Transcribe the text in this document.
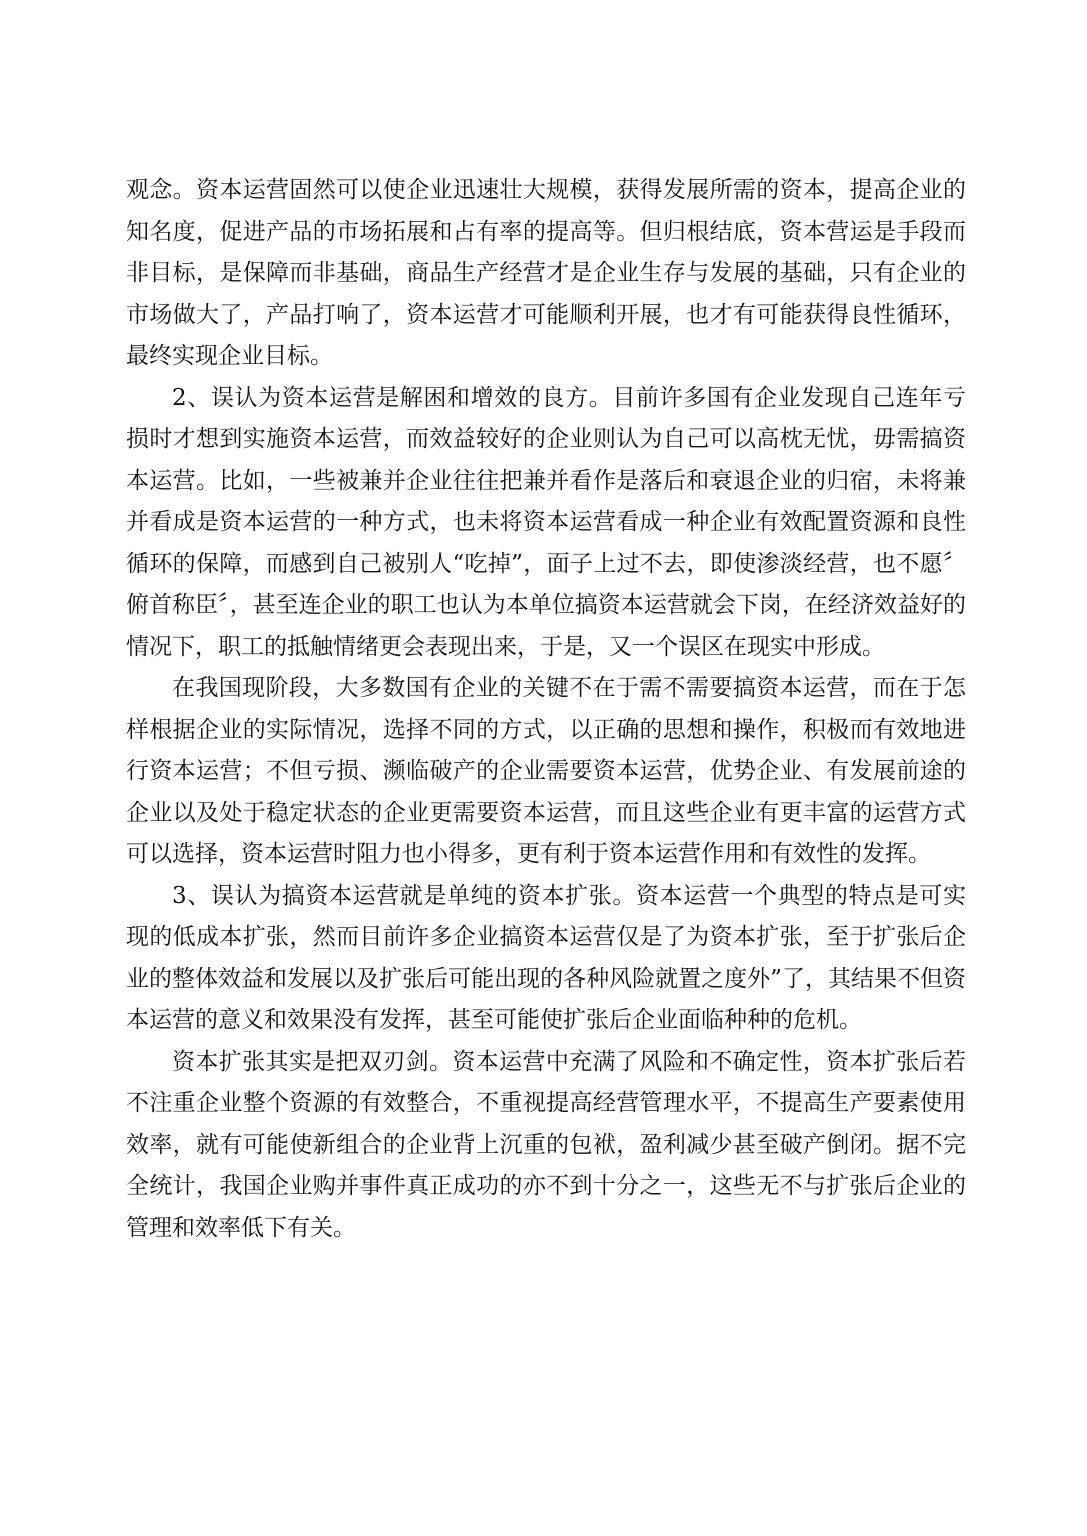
观念。资本运营固然可以使企业迅速壮大规模，获得发展所需的资本，提高企业的知名度，促进产品的市场拓展和占有率的提高等。但归根结底，资本营运是手段而非目标，是保障而非基础，商品生产经营才是企业生存与发展的基础，只有企业的市场做大了，产品打响了，资本运营才可能顺利开展，也才有可能获得良性循环，最终实现企业目标。

2、误认为资本运营是解困和增效的良方。目前许多国有企业发现自己连年亏损时才想到实施资本运营，而效益较好的企业则认为自己可以高枕无忧，毋需搞资本运营。比如，一些被兼并企业往往把兼并看作是落后和衰退企业的归宿，未将兼并看成是资本运营的一种方式，也未将资本运营看成一种企业有效配置资源和良性循环的保障，而感到自己被别人“吃掉”，面子上过不去，即使渗淡经营，也不愿〞俯首称臣〞，甚至连企业的职工也认为本单位搞资本运营就会下岗，在经济效益好的情况下，职工的抵触情绪更会表现出来，于是，又一个误区在现实中形成。

在我国现阶段，大多数国有企业的关键不在于需不需要搞资本运营，而在于怎样根据企业的实际情况，选择不同的方式，以正确的思想和操作，积极而有效地进行资本运营；不但亏损、濒临破产的企业需要资本运营，优势企业、有发展前途的企业以及处于稳定状态的企业更需要资本运营，而且这些企业有更丰富的运营方式可以选择，资本运营时阻力也小得多，更有利于资本运营作用和有效性的发挥。

3、误认为搞资本运营就是单纯的资本扩张。资本运营一个典型的特点是可实现的低成本扩张，然而目前许多企业搞资本运营仅是了为资本扩张，至于扩张后企业的整体效益和发展以及扩张后可能出现的各种风险就置之度外”了，其结果不但资本运营的意义和效果没有发挥，甚至可能使扩张后企业面临种种的危机。

资本扩张其实是把双刃剑。资本运营中充满了风险和不确定性，资本扩张后若不注重企业整个资源的有效整合，不重视提高经营管理水平，不提高生产要素使用效率，就有可能使新组合的企业背上沉重的包袱，盈利减少甚至破产倒闭。据不完全统计，我国企业购并事件真正成功的亦不到十分之一，这些无不与扩张后企业的管理和效率低下有关。
